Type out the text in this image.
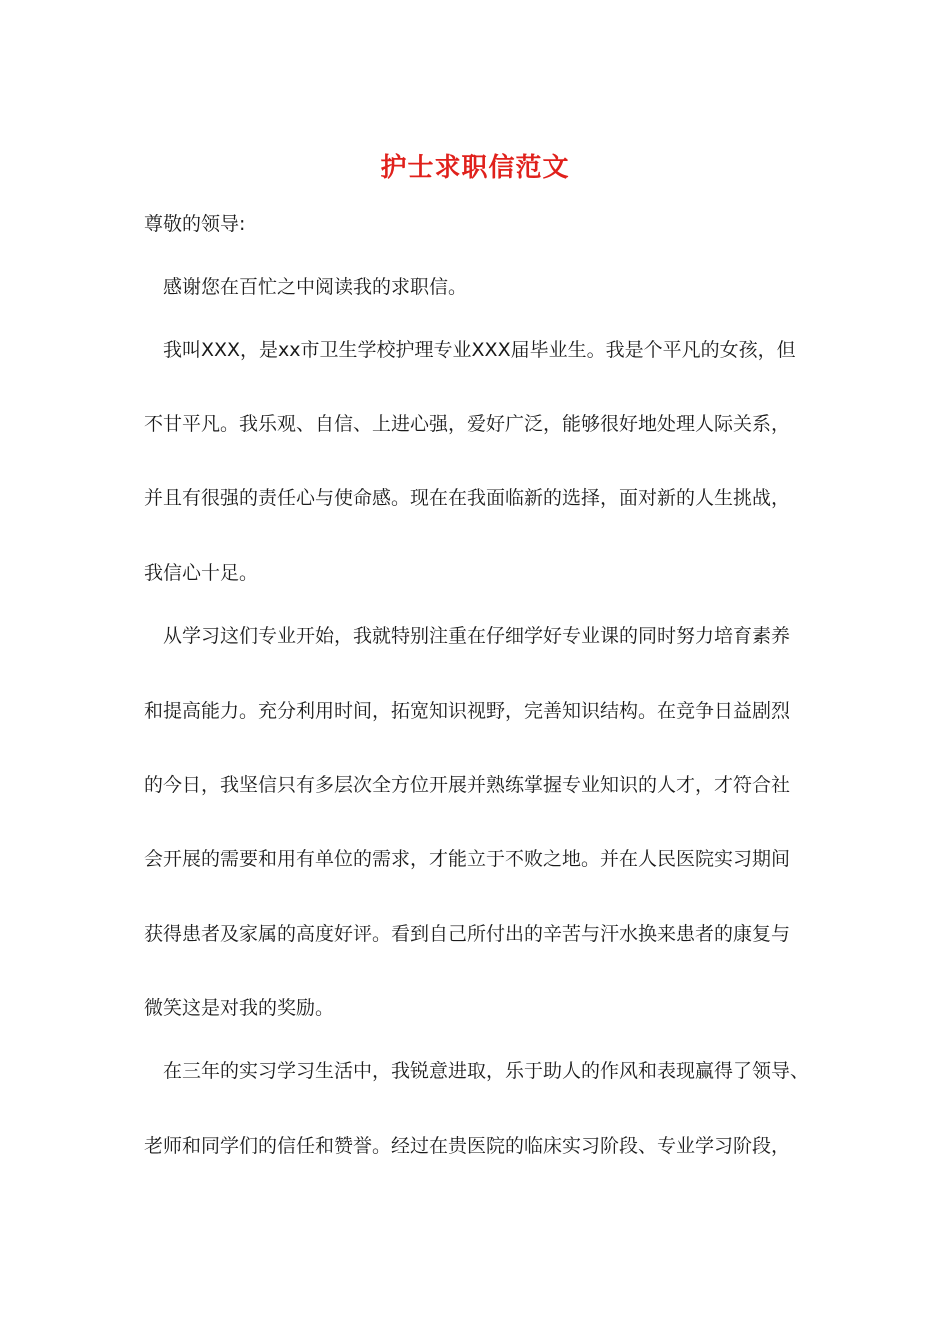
护士求职信范文
尊敬的领导:
感谢您在百忙之中阅读我的求职信。
我叫XXX，是xx市卫生学校护理专业XXX届毕业生。我是个平凡的女孩，但
不甘平凡。我乐观、自信、上进心强，爱好广泛，能够很好地处理人际关系，
并且有很强的责任心与使命感。现在在我面临新的选择，面对新的人生挑战，
我信心十足。
从学习这们专业开始，我就特别注重在仔细学好专业课的同时努力培育素养
和提高能力。充分利用时间，拓宽知识视野，完善知识结构。在竞争日益剧烈
的今日，我坚信只有多层次全方位开展并熟练掌握专业知识的人才，才符合社
会开展的需要和用有单位的需求，才能立于不败之地。并在人民医院实习期间
获得患者及家属的高度好评。看到自己所付出的辛苦与汗水换来患者的康复与
微笑这是对我的奖励。
在三年的实习学习生活中，我锐意进取，乐于助人的作风和表现赢得了领导、
老师和同学们的信任和赞誉。经过在贵医院的临床实习阶段、专业学习阶段，
